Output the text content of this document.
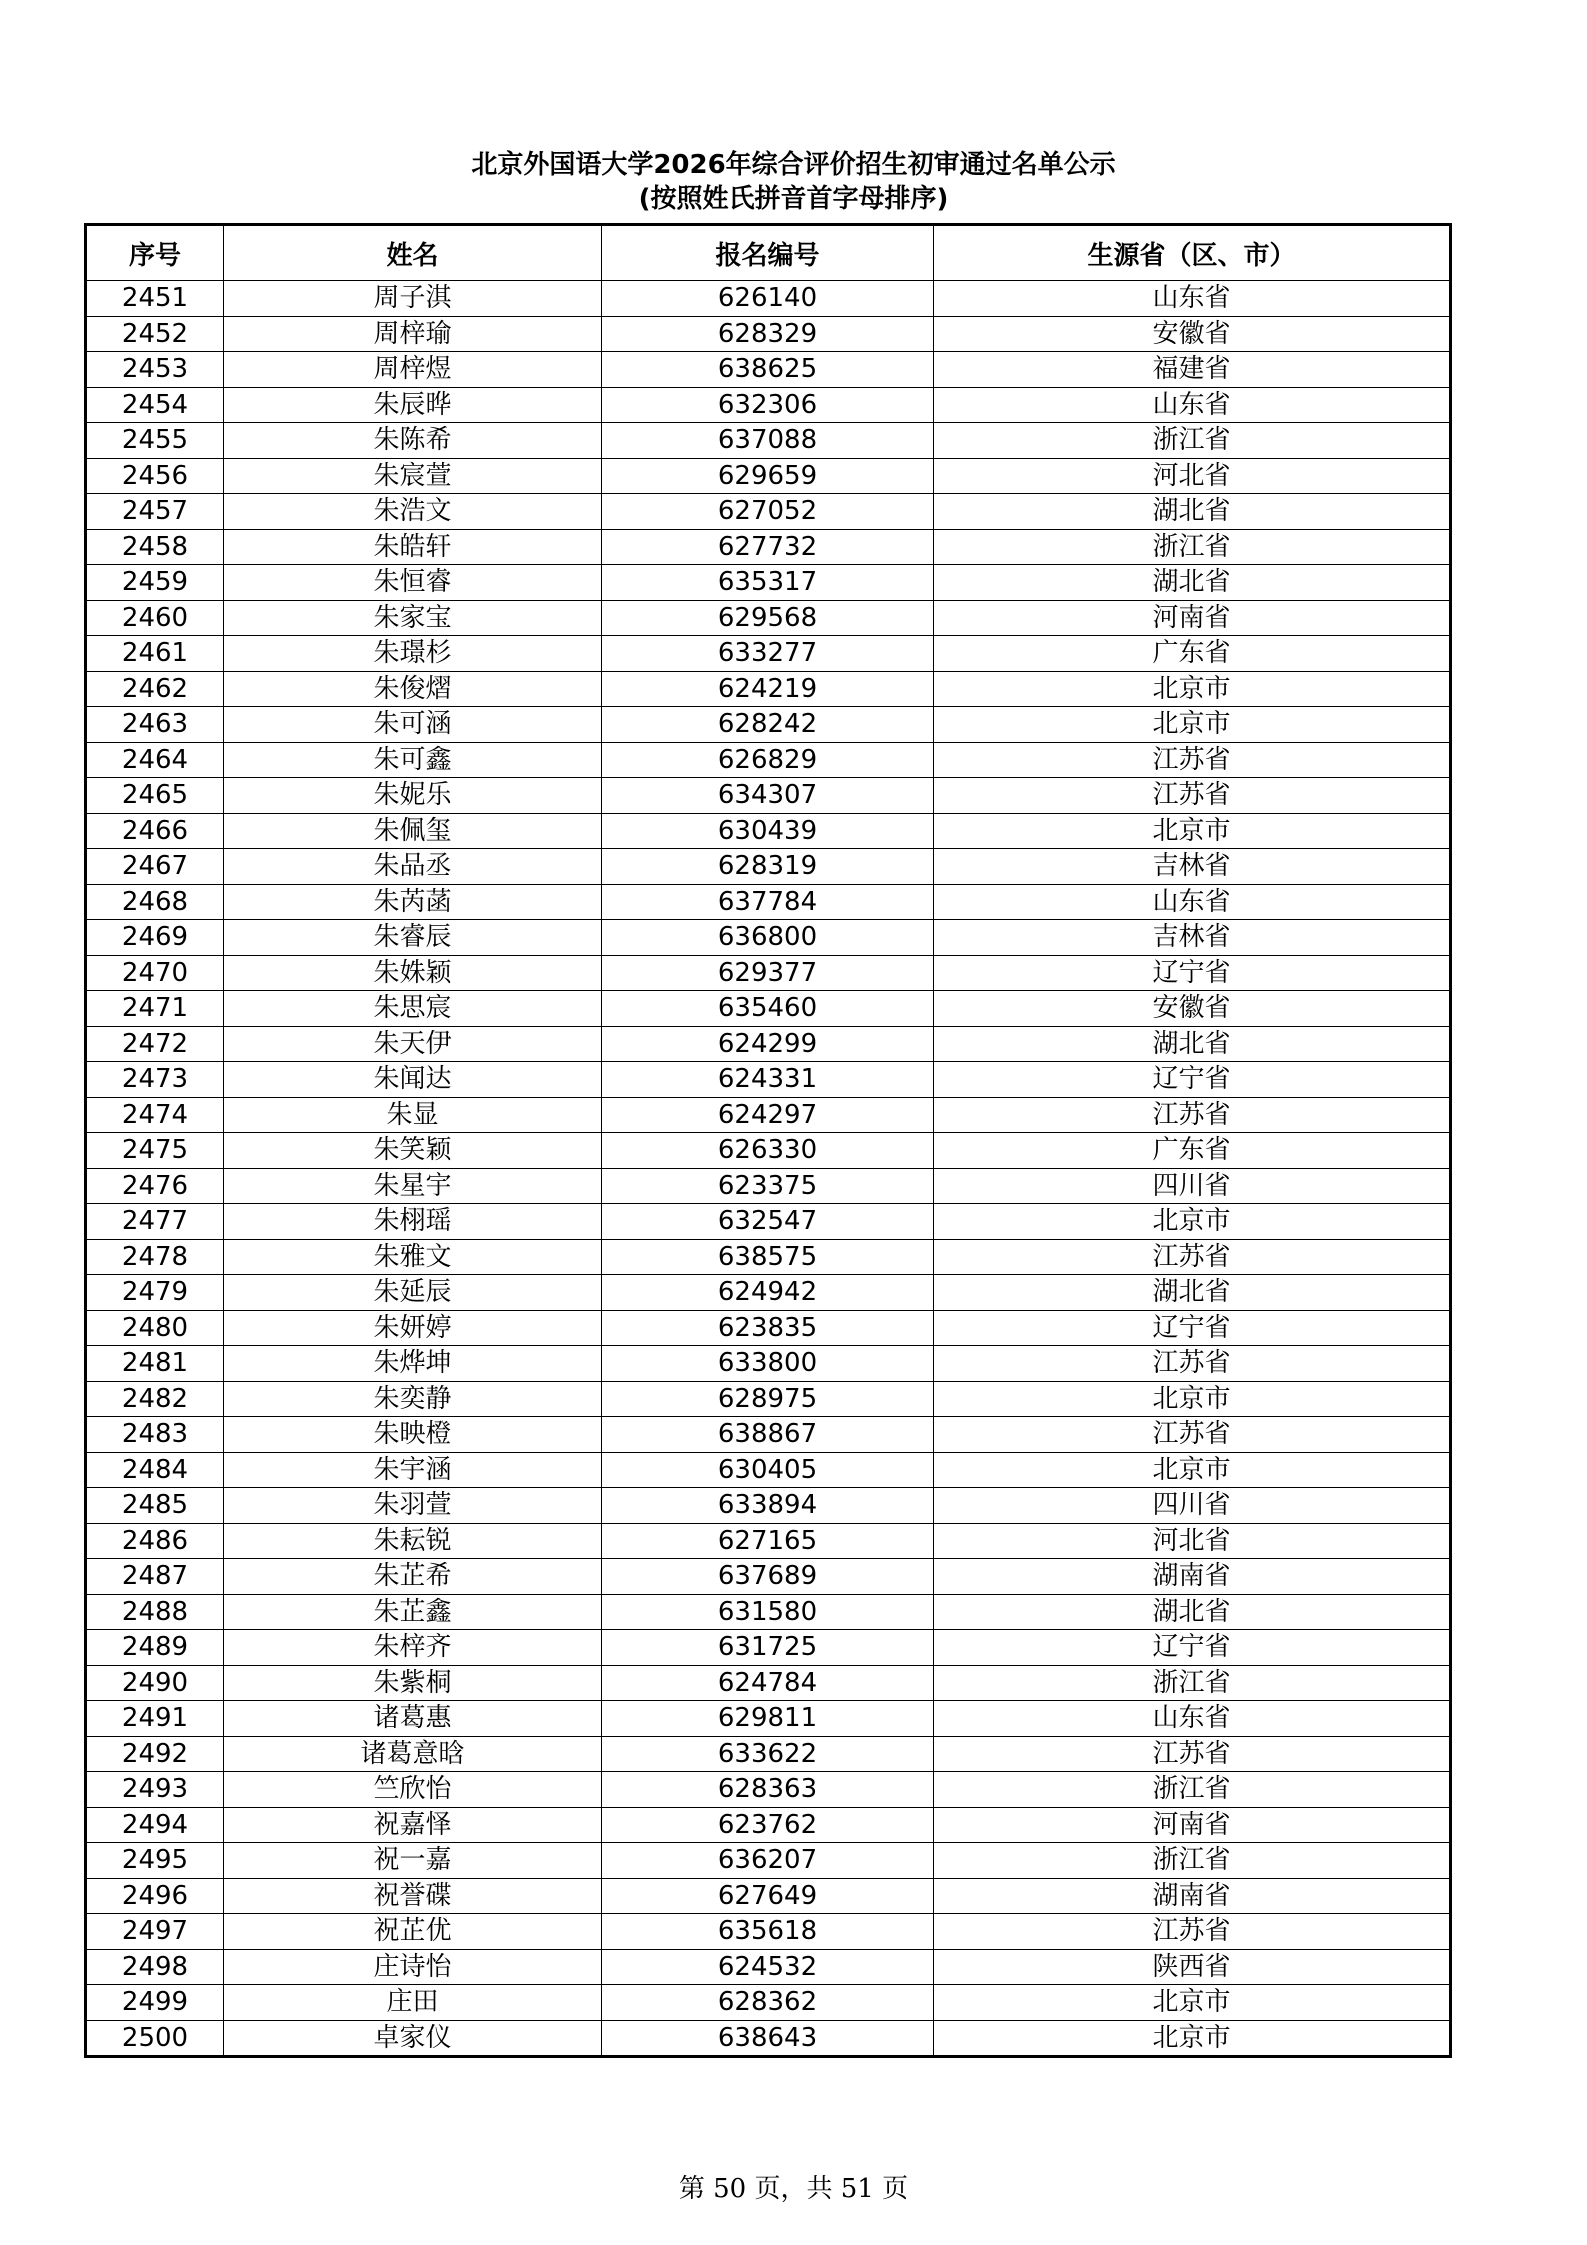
北京外国语大学2026年综合评价招生初审通过名单公示
(按照姓氏拼音首字母排序)
序号	姓名	报名编号	生源省（区、市）
2451	周子淇	626140	山东省
2452	周梓瑜	628329	安徽省
2453	周梓煜	638625	福建省
2454	朱辰晔	632306	山东省
2455	朱陈希	637088	浙江省
2456	朱宸萱	629659	河北省
2457	朱浩文	627052	湖北省
2458	朱皓轩	627732	浙江省
2459	朱恒睿	635317	湖北省
2460	朱家宝	629568	河南省
2461	朱璟杉	633277	广东省
2462	朱俊熠	624219	北京市
2463	朱可涵	628242	北京市
2464	朱可鑫	626829	江苏省
2465	朱妮乐	634307	江苏省
2466	朱佩玺	630439	北京市
2467	朱品丞	628319	吉林省
2468	朱芮菡	637784	山东省
2469	朱睿辰	636800	吉林省
2470	朱姝颖	629377	辽宁省
2471	朱思宸	635460	安徽省
2472	朱天伊	624299	湖北省
2473	朱闻达	624331	辽宁省
2474	朱显	624297	江苏省
2475	朱笑颖	626330	广东省
2476	朱星宇	623375	四川省
2477	朱栩瑶	632547	北京市
2478	朱雅文	638575	江苏省
2479	朱延辰	624942	湖北省
2480	朱妍婷	623835	辽宁省
2481	朱烨坤	633800	江苏省
2482	朱奕静	628975	北京市
2483	朱映橙	638867	江苏省
2484	朱宇涵	630405	北京市
2485	朱羽萱	633894	四川省
2486	朱耘锐	627165	河北省
2487	朱芷希	637689	湖南省
2488	朱芷鑫	631580	湖北省
2489	朱梓齐	631725	辽宁省
2490	朱紫桐	624784	浙江省
2491	诸葛惠	629811	山东省
2492	诸葛意晗	633622	江苏省
2493	竺欣怡	628363	浙江省
2494	祝嘉怿	623762	河南省
2495	祝一嘉	636207	浙江省
2496	祝誉碟	627649	湖南省
2497	祝芷优	635618	江苏省
2498	庄诗怡	624532	陕西省
2499	庄田	628362	北京市
2500	卓家仪	638643	北京市
第 50 页，共 51 页
